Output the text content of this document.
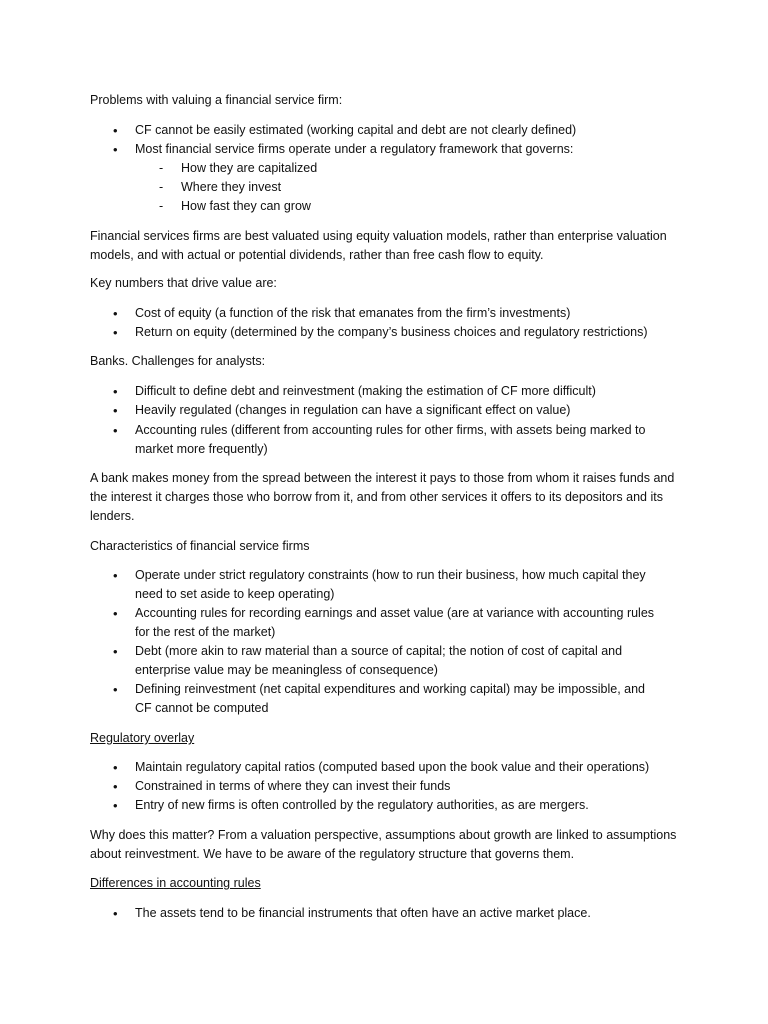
Problems with valuing a financial service firm:

• CF cannot be easily estimated (working capital and debt are not clearly defined)

• Most financial service firms operate under a regulatory framework that governs:

- How they are capitalized

- Where they invest

- How fast they can grow

Financial services firms are best valuated using equity valuation models, rather than enterprise valuation models, and with actual or potential dividends, rather than free cash flow to equity.

Key numbers that drive value are:

• Cost of equity (a function of the risk that emanates from the firm’s investments)

• Return on equity (determined by the company’s business choices and regulatory restrictions)

Banks. Challenges for analysts:

• Difficult to define debt and reinvestment (making the estimation of CF more difficult)

• Heavily regulated (changes in regulation can have a significant effect on value)

• Accounting rules (different from accounting rules for other firms, with assets being marked to market more frequently)

A bank makes money from the spread between the interest it pays to those from whom it raises funds and the interest it charges those who borrow from it, and from other services it offers to its depositors and its lenders.

Characteristics of financial service firms

• Operate under strict regulatory constraints (how to run their business, how much capital they need to set aside to keep operating)

• Accounting rules for recording earnings and asset value (are at variance with accounting rules for the rest of the market)

• Debt (more akin to raw material than a source of capital; the notion of cost of capital and enterprise value may be meaningless of consequence)

• Defining reinvestment (net capital expenditures and working capital) may be impossible, and CF cannot be computed

Regulatory overlay

• Maintain regulatory capital ratios (computed based upon the book value and their operations)

• Constrained in terms of where they can invest their funds

• Entry of new firms is often controlled by the regulatory authorities, as are mergers.

Why does this matter? From a valuation perspective, assumptions about growth are linked to assumptions about reinvestment. We have to be aware of the regulatory structure that governs them.

Differences in accounting rules

• The assets tend to be financial instruments that often have an active market place.
